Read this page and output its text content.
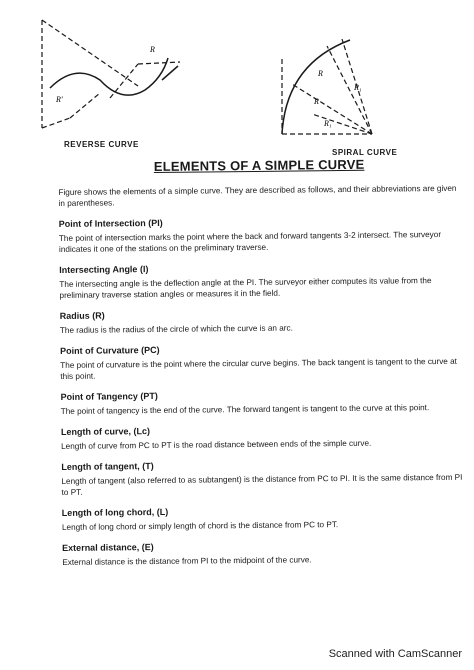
R
R'
REVERSE CURVE
R
R
R₁
R₁
SPIRAL CURVE
ELEMENTS OF A SIMPLE CURVE
Figure shows the elements of a simple curve. They are described as follows, and their abbreviations are given in parentheses.
Point of Intersection (PI)
The point of intersection marks the point where the back and forward tangents 3-2 intersect. The surveyor indicates it one of the stations on the preliminary traverse.
Intersecting Angle (I)
The intersecting angle is the deflection angle at the PI. The surveyor either computes its value from the preliminary traverse station angles or measures it in the field.
Radius (R)
The radius is the radius of the circle of which the curve is an arc.
Point of Curvature (PC)
The point of curvature is the point where the circular curve begins. The back tangent is tangent to the curve at this point.
Point of Tangency (PT)
The point of tangency is the end of the curve. The forward tangent is tangent to the curve at this point.
Length of curve, (Lc)
Length of curve from PC to PT is the road distance between ends of the simple curve.
Length of tangent, (T)
Length of tangent (also referred to as subtangent) is the distance from PC to PI. It is the same distance from PI to PT.
Length of long chord, (L)
Length of long chord or simply length of chord is the distance from PC to PT.
External distance, (E)
External distance is the distance from PI to the midpoint of the curve.
Scanned with CamScanner
